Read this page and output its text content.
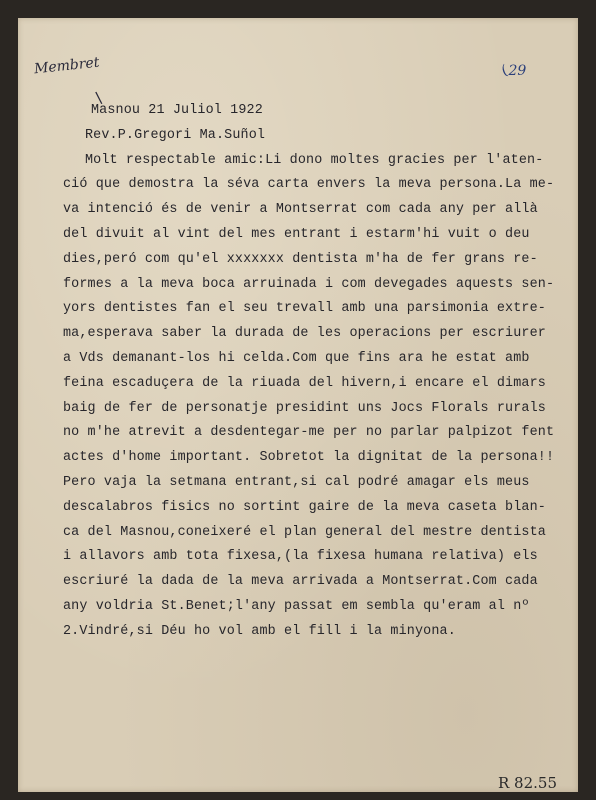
Membret
\
(29
R 82.55
Masnou 21 Juliol 1922
Rev.P.Gregori Ma.Suñol
Molt respectable amic:Li dono moltes gracies per l'aten-
ció que demostra la séva carta envers la meva persona.La me-
va intenció és de venir a Montserrat com cada any per allà
del divuit al vint del mes entrant i estarm'hi vuit o deu
dies,peró com qu'el xxxxxxx dentista m'ha de fer grans re-
formes a la meva boca arruinada i com devegades aquests sen-
yors dentistes fan el seu trevall amb una parsimonia extre-
ma,esperava saber la durada de les operacions per escriurer
a Vds demanant-los hi celda.Com que fins ara he estat amb
feina escaduçera de la riuada del hivern,i encare el dimars
baig de fer de personatje presidint uns Jocs Florals rurals
no m'he atrevit a desdentegar-me per no parlar palpizot fent
actes d'home important. Sobretot la dignitat de la persona!!
Pero vaja la setmana entrant,si cal podré amagar els meus
descalabros fisics no sortint gaire de la meva caseta blan-
ca del Masnou,coneixeré el plan general del mestre dentista
i allavors amb tota fixesa,(la fixesa humana relativa) els
escriuré la dada de la meva arrivada a Montserrat.Com cada
any voldria St.Benet;l'any passat em sembla qu'eram al nº
2.Vindré,si Déu ho vol amb el fill i la minyona.
